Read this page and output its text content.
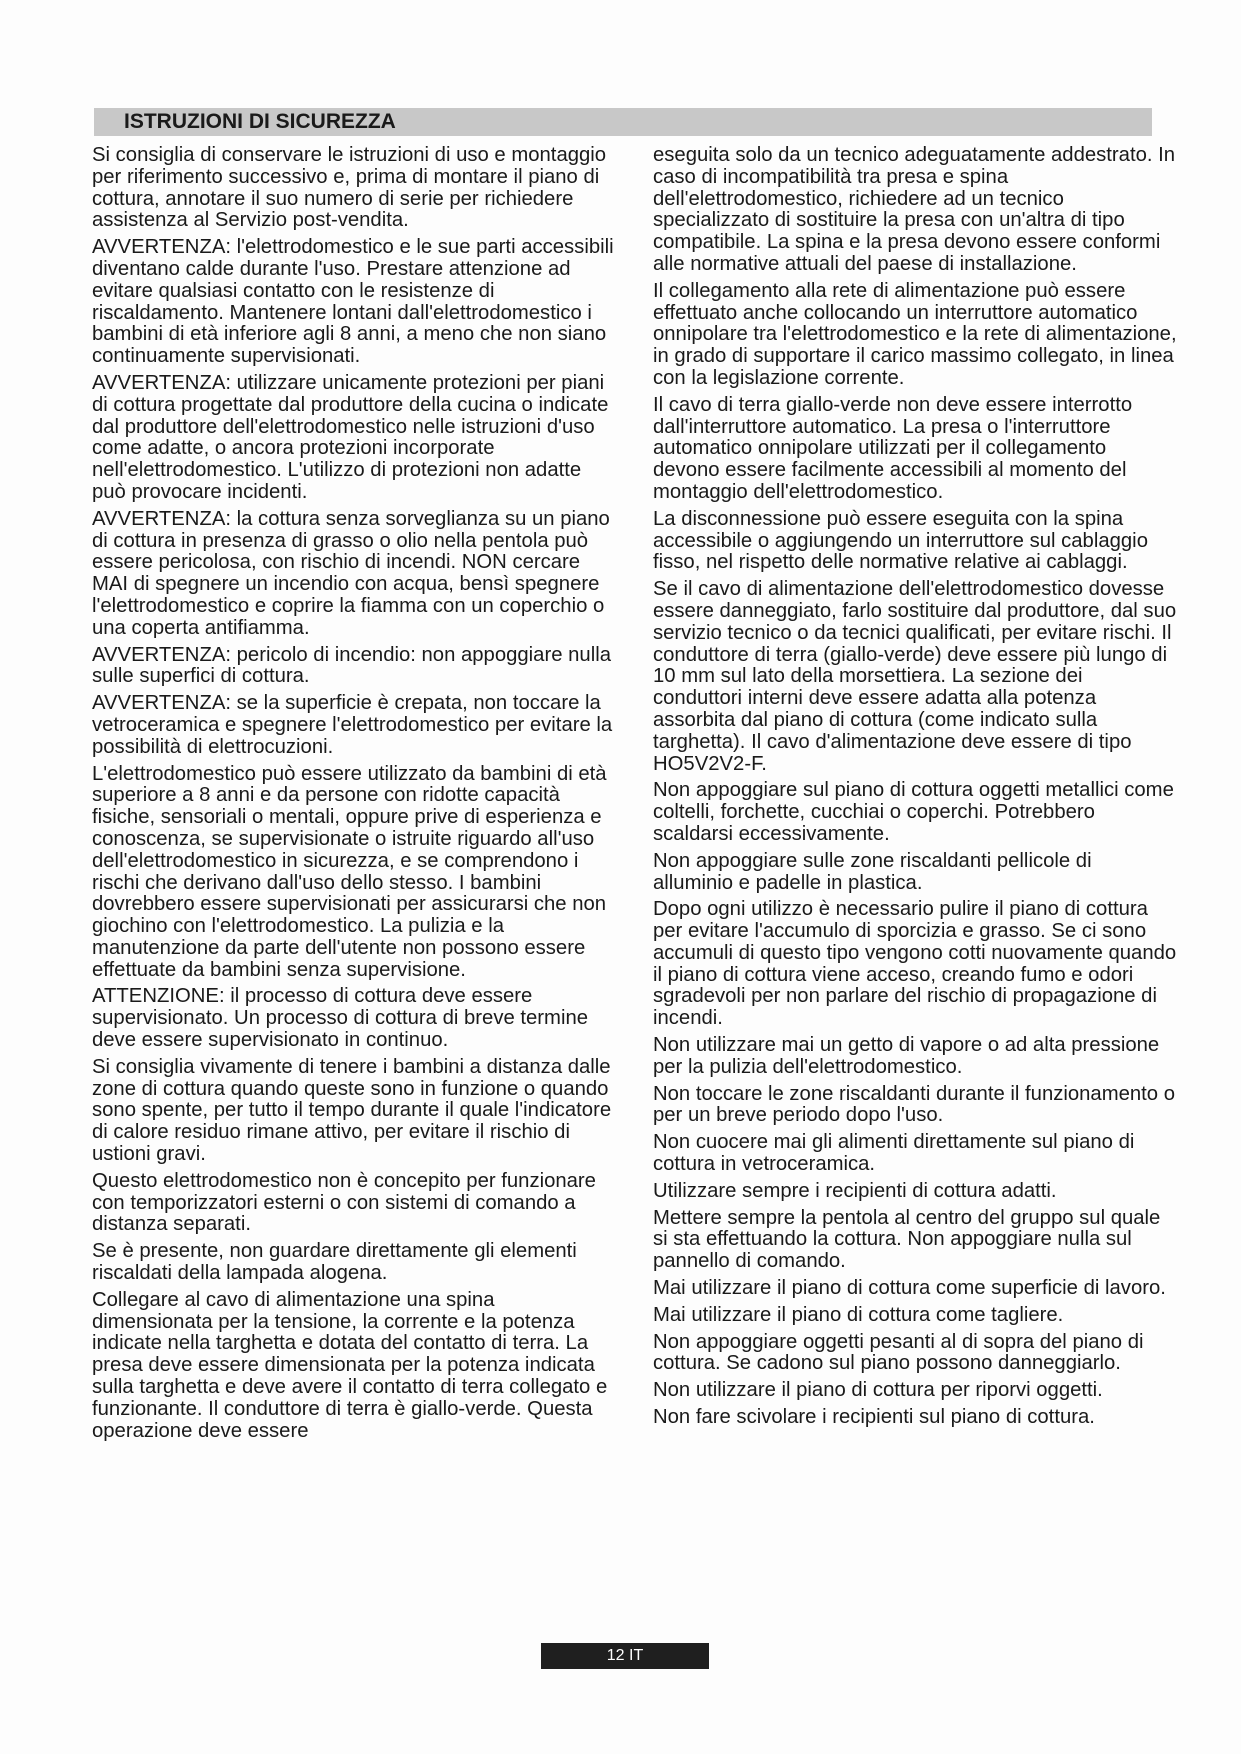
ISTRUZIONI DI SICUREZZA

Si consiglia di conservare le istruzioni di uso e montaggio per riferimento successivo e, prima di montare il piano di cottura, annotare il suo numero di serie per richiedere assistenza al Servizio post-vendita.

AVVERTENZA: l'elettrodomestico e le sue parti accessibili diventano calde durante l'uso. Prestare attenzione ad evitare qualsiasi contatto con le resistenze di riscaldamento. Mantenere lontani dall'elettrodomestico i bambini di età inferiore agli 8 anni, a meno che non siano continuamente supervisionati.

AVVERTENZA: utilizzare unicamente protezioni per piani di cottura progettate dal produttore della cucina o indicate dal produttore dell'elettrodomestico nelle istruzioni d'uso come adatte, o ancora protezioni incorporate nell'elettrodomestico. L'utilizzo di protezioni non adatte può provocare incidenti.

AVVERTENZA: la cottura senza sorveglianza su un piano di cottura in presenza di grasso o olio nella pentola può essere pericolosa, con rischio di incendi. NON cercare MAI di spegnere un incendio con acqua, bensì spegnere l'elettrodomestico e coprire la fiamma con un coperchio o una coperta antifiamma.

AVVERTENZA: pericolo di incendio: non appoggiare nulla sulle superfici di cottura.

AVVERTENZA: se la superficie è crepata, non toccare la vetroceramica e spegnere l'elettrodomestico per evitare la possibilità di elettrocuzioni.

L'elettrodomestico può essere utilizzato da bambini di età superiore a 8 anni e da persone con ridotte capacità fisiche, sensoriali o mentali, oppure prive di esperienza e conoscenza, se supervisionate o istruite riguardo all'uso dell'elettrodomestico in sicurezza, e se comprendono i rischi che derivano dall'uso dello stesso. I bambini dovrebbero essere supervisionati per assicurarsi che non giochino con l'elettrodomestico. La pulizia e la manutenzione da parte dell'utente non possono essere effettuate da bambini senza supervisione.

ATTENZIONE: il processo di cottura deve essere supervisionato. Un processo di cottura di breve termine deve essere supervisionato in continuo.

Si consiglia vivamente di tenere i bambini a distanza dalle zone di cottura quando queste sono in funzione o quando sono spente, per tutto il tempo durante il quale l'indicatore di calore residuo rimane attivo, per evitare il rischio di ustioni gravi.

Questo elettrodomestico non è concepito per funzionare con temporizzatori esterni o con sistemi di comando a distanza separati.

Se è presente, non guardare direttamente gli elementi riscaldati della lampada alogena.

Collegare al cavo di alimentazione una spina dimensionata per la tensione, la corrente e la potenza indicate nella targhetta e dotata del contatto di terra. La presa deve essere dimensionata per la potenza indicata sulla targhetta e deve avere il contatto di terra collegato e funzionante. Il conduttore di terra è giallo-verde. Questa operazione deve essere

eseguita solo da un tecnico adeguatamente addestrato. In caso di incompatibilità tra presa e spina dell'elettrodomestico, richiedere ad un tecnico specializzato di sostituire la presa con un'altra di tipo compatibile. La spina e la presa devono essere conformi alle normative attuali del paese di installazione.

Il collegamento alla rete di alimentazione può essere effettuato anche collocando un interruttore automatico onnipolare tra l'elettrodomestico e la rete di alimentazione, in grado di supportare il carico massimo collegato, in linea con la legislazione corrente.

Il cavo di terra giallo-verde non deve essere interrotto dall'interruttore automatico. La presa o l'interruttore automatico onnipolare utilizzati per il collegamento devono essere facilmente accessibili al momento del montaggio dell'elettrodomestico.

La disconnessione può essere eseguita con la spina accessibile o aggiungendo un interruttore sul cablaggio fisso, nel rispetto delle normative relative ai cablaggi.

Se il cavo di alimentazione dell'elettrodomestico dovesse essere danneggiato, farlo sostituire dal produttore, dal suo servizio tecnico o da tecnici qualificati, per evitare rischi. Il conduttore di terra (giallo-verde) deve essere più lungo di 10 mm sul lato della morsettiera. La sezione dei conduttori interni deve essere adatta alla potenza assorbita dal piano di cottura (come indicato sulla targhetta). Il cavo d'alimentazione deve essere di tipo HO5V2V2-F.

Non appoggiare sul piano di cottura oggetti metallici come coltelli, forchette, cucchiai o coperchi. Potrebbero scaldarsi eccessivamente.

Non appoggiare sulle zone riscaldanti pellicole di alluminio e padelle in plastica.

Dopo ogni utilizzo è necessario pulire il piano di cottura per evitare l'accumulo di sporcizia e grasso. Se ci sono accumuli di questo tipo vengono cotti nuovamente quando il piano di cottura viene acceso, creando fumo e odori sgradevoli per non parlare del rischio di propagazione di incendi.

Non utilizzare mai un getto di vapore o ad alta pressione per la pulizia dell'elettrodomestico.

Non toccare le zone riscaldanti durante il funzionamento o per un breve periodo dopo l'uso.

Non cuocere mai gli alimenti direttamente sul piano di cottura in vetroceramica.

Utilizzare sempre i recipienti di cottura adatti.

Mettere sempre la pentola al centro del gruppo sul quale si sta effettuando la cottura. Non appoggiare nulla sul pannello di comando.

Mai utilizzare il piano di cottura come superficie di lavoro.

Mai utilizzare il piano di cottura come tagliere.

Non appoggiare oggetti pesanti al di sopra del piano di cottura. Se cadono sul piano possono danneggiarlo.

Non utilizzare il piano di cottura per riporvi oggetti.

Non fare scivolare i recipienti sul piano di cottura.

12 IT
